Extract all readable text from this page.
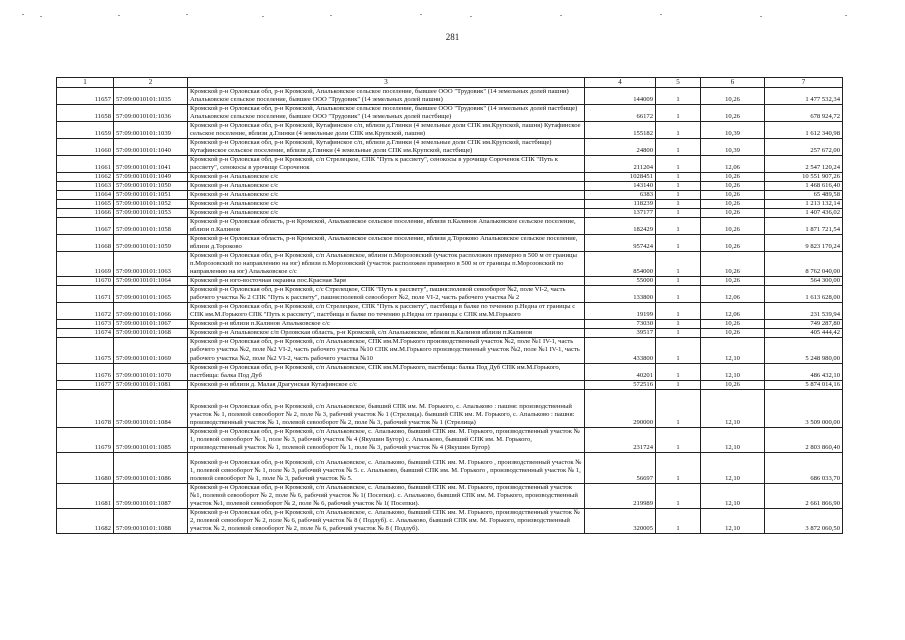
281
1	2	3	4	5	6	7
11657	57:09:0010101:1035	Кромской р-н Орловская обл, р-н Кромской, Апальковское сельское поселение, бывшее ООО "Трудовик" (14 земельных долей пашни) Апальковское сельское поселение, бывшее ООО "Трудовик" (14 земельных долей пашни)	144009	1	10,26	1 477 532,34
11658	57:09:0010101:1036	Кромской р-н Орловская обл, р-н Кромской, Апальковское сельское поселение, бывшее ООО "Трудовик" (14 земельных долей пастбище) Апальковское сельское поселение, бывшее ООО "Трудовик" (14 земельных долей пастбище)	66172	1	10,26	678 924,72
11659	57:09:0010101:1039	Кромской р-н Орловская обл, р-н Кромской, Кутафинское с/п, вблизи д.Глинки (4 земельные доли СПК им.Крупской, пашня) Кутафинское сельское поселение, вблизи д.Глинки (4 земельные доли СПК им.Крупской, пашня)	155182	1	10,39	1 612 340,98
11660	57:09:0010101:1040	Кромской р-н Орловская обл, р-н Кромской, Кутафинское с/п, вблизи д.Глинки (4 земельные доли СПК им.Крупской, пастбище) Кутафинское сельское поселение, вблизи д.Глинки (4 земельные доли СПК им.Крупской, пастбище)	24800	1	10,39	257 672,00
11661	57:09:0010101:1041	Кромской р-н Орловская обл, р-н Кромской, с/п Стрелецкое, СПК "Путь к рассвету", сенокосы в урочище Сороченок СПК "Путь к рассвету", сенокосы в урочище Сороченок	211204	1	12,06	2 547 120,24
11662	57:09:0010101:1049	Кромской р-н Апальковское с/с	1028451	1	10,26	10 551 907,26
11663	57:09:0010101:1050	Кромской р-н Апальковское с/с	143140	1	10,26	1 468 616,40
11664	57:09:0010101:1051	Кромской р-н Апальковское с/с	6383	1	10,26	65 489,58
11665	57:09:0010101:1052	Кромской р-н Апальковское с/с	118239	1	10,26	1 213 132,14
11666	57:09:0010101:1053	Кромской р-н Апальковское с/с	137177	1	10,26	1 407 436,02
11667	57:09:0010101:1058	Кромской р-н Орловская область, р-н Кромской, Апальковское сельское поселение, вблизи п.Калинов Апальковское сельское поселение, вблизи п.Калинов	182429	1	10,26	1 871 721,54
11668	57:09:0010101:1059	Кромской р-н Орловская область, р-н Кромской, Апальковское сельское поселение, вблизи д.Тороково Апальковское сельское поселение, вблизи д.Тороково	957424	1	10,26	9 823 170,24
11669	57:09:0010101:1063	Кромской р-н Орловская обл, р-н Кромской, с/п Апальковское, вблизи п.Морозовский (участок расположен примерно в 500 м от границы п.Морозовский по направлению на юг) вблизи п.Морозовский (участок расположен примерно в 500 м от границы п.Морозовский по направлению на юг) Апальковское с/с	854000	1	10,26	8 762 040,00
11670	57:09:0010101:1064	Кромской р-н юго-восточная окраина пос.Красная Заря	55000	1	10,26	564 300,00
11671	57:09:0010101:1065	Кромской р-н Орловская обл, р-н Кромской, с/с Стрелецкое, СПК "Путь к рассвету", пашня:полевой севооборот №2, поле VI-2, часть рабочего участка № 2 СПК "Путь к рассвету", пашня:полевой севооборот №2, поле VI-2, часть рабочего участка № 2	133800	1	12,06	1 613 628,00
11672	57:09:0010101:1066	Кромской р-н Орловская обл, р-н Кромской, с/п Стрелецкое, СПК "Путь к рассвету", пастбища в балке по течению р.Недна от границы с СПК им.М.Горького СПК "Путь к рассвету", пастбища в балке по течению р.Недна от границы с СПК им.М.Горького	19199	1	12,06	231 539,94
11673	57:09:0010101:1067	Кромской р-н вблизи п.Калинов Апальковское с/с	73030	1	10,26	749 287,80
11674	57:09:0010101:1068	Кромской р-н Апальковское с/п Орловская область, р-н Кромской, с/п Апальковское, вблизи п.Калинов вблизи п.Калинов	39517	1	10,26	405 444,42
11675	57:09:0010101:1069	Кромской р-н Орловская обл, р-н Кромской, с/п Апальковское, СПК им.М.Горького производственный участок №2, поле №1 IV-1, часть рабочего участка №2, поле №2 VI-2, часть рабочего участка №10 СПК им.М.Горького производственный участок №2, поле №1 IV-1, часть рабочего участка №2, поле №2 VI-2, часть рабочего участка №10	433800	1	12,10	5 248 980,00
11676	57:09:0010101:1070	Кромской р-н Орловская обл, р-н Кромской, с/п Апальковское, СПК им.М.Горького, пастбища: балка Под Дуб СПК им.М.Горького, пастбища: балка Под Дуб	40201	1	12,10	486 432,10
11677	57:09:0010101:1081	Кромской р-н вблизи д. Малая Драгунская Кутафинское с/с	572516	1	10,26	5 874 014,16
11678	57:09:0010101:1084	Кромской р-н Орловская обл, р-н Кромской, с/п Апальковское, бывший СПК им. М. Горького, с. Апальково : пашня: производственный участок № 1, полевой севооборот № 2, поле № 3, рабочий участок № 1 (Стрелица). бывший СПК им. М. Горького, с. Апальково : пашня: производственный участок № 1, полевой севооборот № 2, поле № 3, рабочий участок № 1 (Стрелица)	290000	1	12,10	3 509 000,00
11679	57:09:0010101:1085	Кромской р-н Орловская обл, р-н Кромской, с/п Апальковское, с. Апальково, бывший СПК им. М. Горького, производственный участок № 1, полевой севооборот № 1, поле № 3, рабочий участок № 4 (Якушин Бугор) с. Апальково, бывший СПК им. М. Горького, производственный участок № 1, полевой севооборот № 1, поле № 3, рабочий участок № 4 (Якушин Бугор)	231724	1	12,10	2 803 860,40
11680	57:09:0010101:1086	Кромской р-н Орловская обл, р-н Кромской, с/п Апальковское, с. Апальково, бывший СПК им. М. Горького , производственный участок № 1, полевой севооборот № 1, поле № 3, рабочий участок № 5. с. Апальково, бывший СПК им. М. Горького , производственный участок № 1, полевой севооборот № 1, поле № 3, рабочий участок № 5.	56697	1	12,10	686 033,70
11681	57:09:0010101:1087	Кромской р-н Орловская обл, р-н Кромской, с/п Апальковское, с. Апальково, бывший СПК им. М. Горького, производственный участок №1, полевой севооборот № 2, поле № 6, рабочий участок № 1( Посепки). с. Апальково, бывший СПК им. М. Горького, производственный участок №1, полевой севооборот № 2, поле № 6, рабочий участок № 1( Посепки).	219989	1	12,10	2 661 866,90
11682	57:09:0010101:1088	Кромской р-н Орловская обл, р-н Кромской, с/п Апальковское, с. Апальково, бывший СПК им. М. Горького, производственный участок № 2, полевой севооборот № 2, поле № 6, рабочий участок № 8 ( Подлуб). с. Апальково, бывший СПК им. М. Горького, производственный участок № 2, полевой севооборот № 2, поле № 6, рабочий участок № 8 ( Подлуб).	320005	1	12,10	3 872 060,50
